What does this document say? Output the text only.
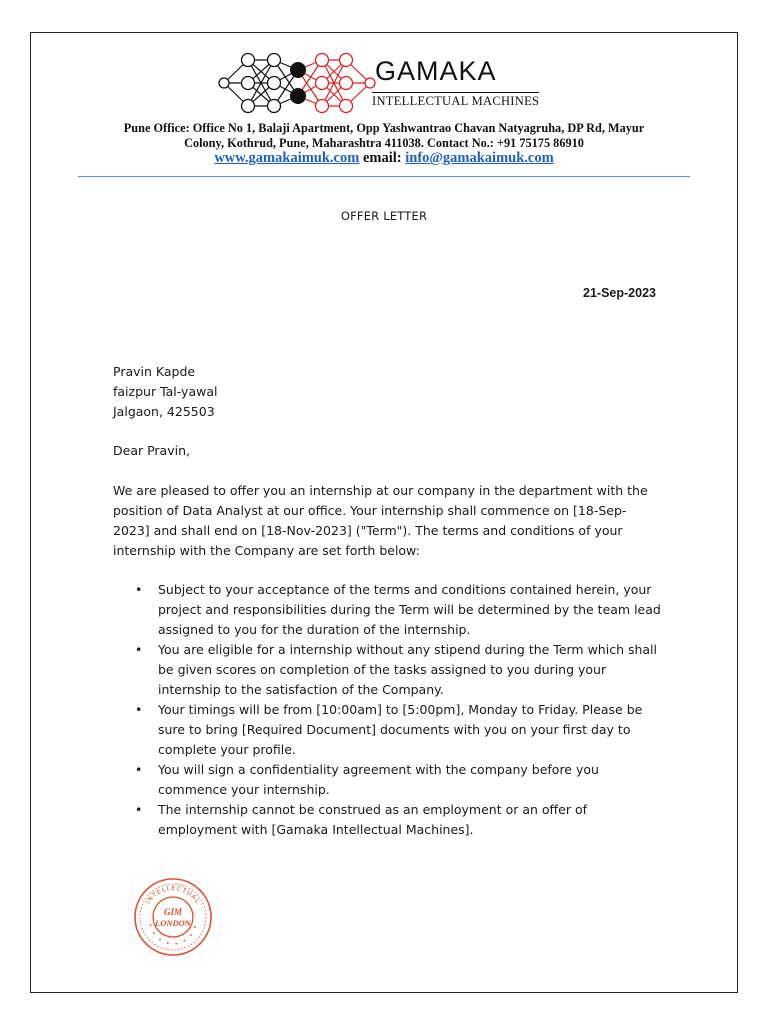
GAMAKA
INTELLECTUAL MACHINES
Pune Office: Office No 1, Balaji Apartment, Opp Yashwantrao Chavan Natyagruha, DP Rd, Mayur
Colony, Kothrud, Pune, Maharashtra 411038. Contact No.: +91 75175 86910
www.gamakaimuk.com email: info@gamakaimuk.com
OFFER LETTER
21-Sep-2023
Pravin Kapde
faizpur Tal-yawal
Jalgaon, 425503
Dear Pravin,
We are pleased to offer you an internship at our company in the department with the position of Data Analyst at our office. Your internship shall commence on [18-Sep-2023] and shall end on [18-Nov-2023] ("Term"). The terms and conditions of your internship with the Company are set forth below:
• Subject to your acceptance of the terms and conditions contained herein, your project and responsibilities during the Term will be determined by the team lead assigned to you for the duration of the internship.
• You are eligible for a internship without any stipend during the Term which shall be given scores on completion of the tasks assigned to you during your internship to the satisfaction of the Company.
• Your timings will be from [10:00am] to [5:00pm], Monday to Friday. Please be sure to bring [Required Document] documents with you on your first day to complete your profile.
• You will sign a confidentiality agreement with the company before you commence your internship.
• The internship cannot be construed as an employment or an offer of employment with [Gamaka Intellectual Machines].
INTELLECTUAL
• • • • • • • •
GIM
LONDON
